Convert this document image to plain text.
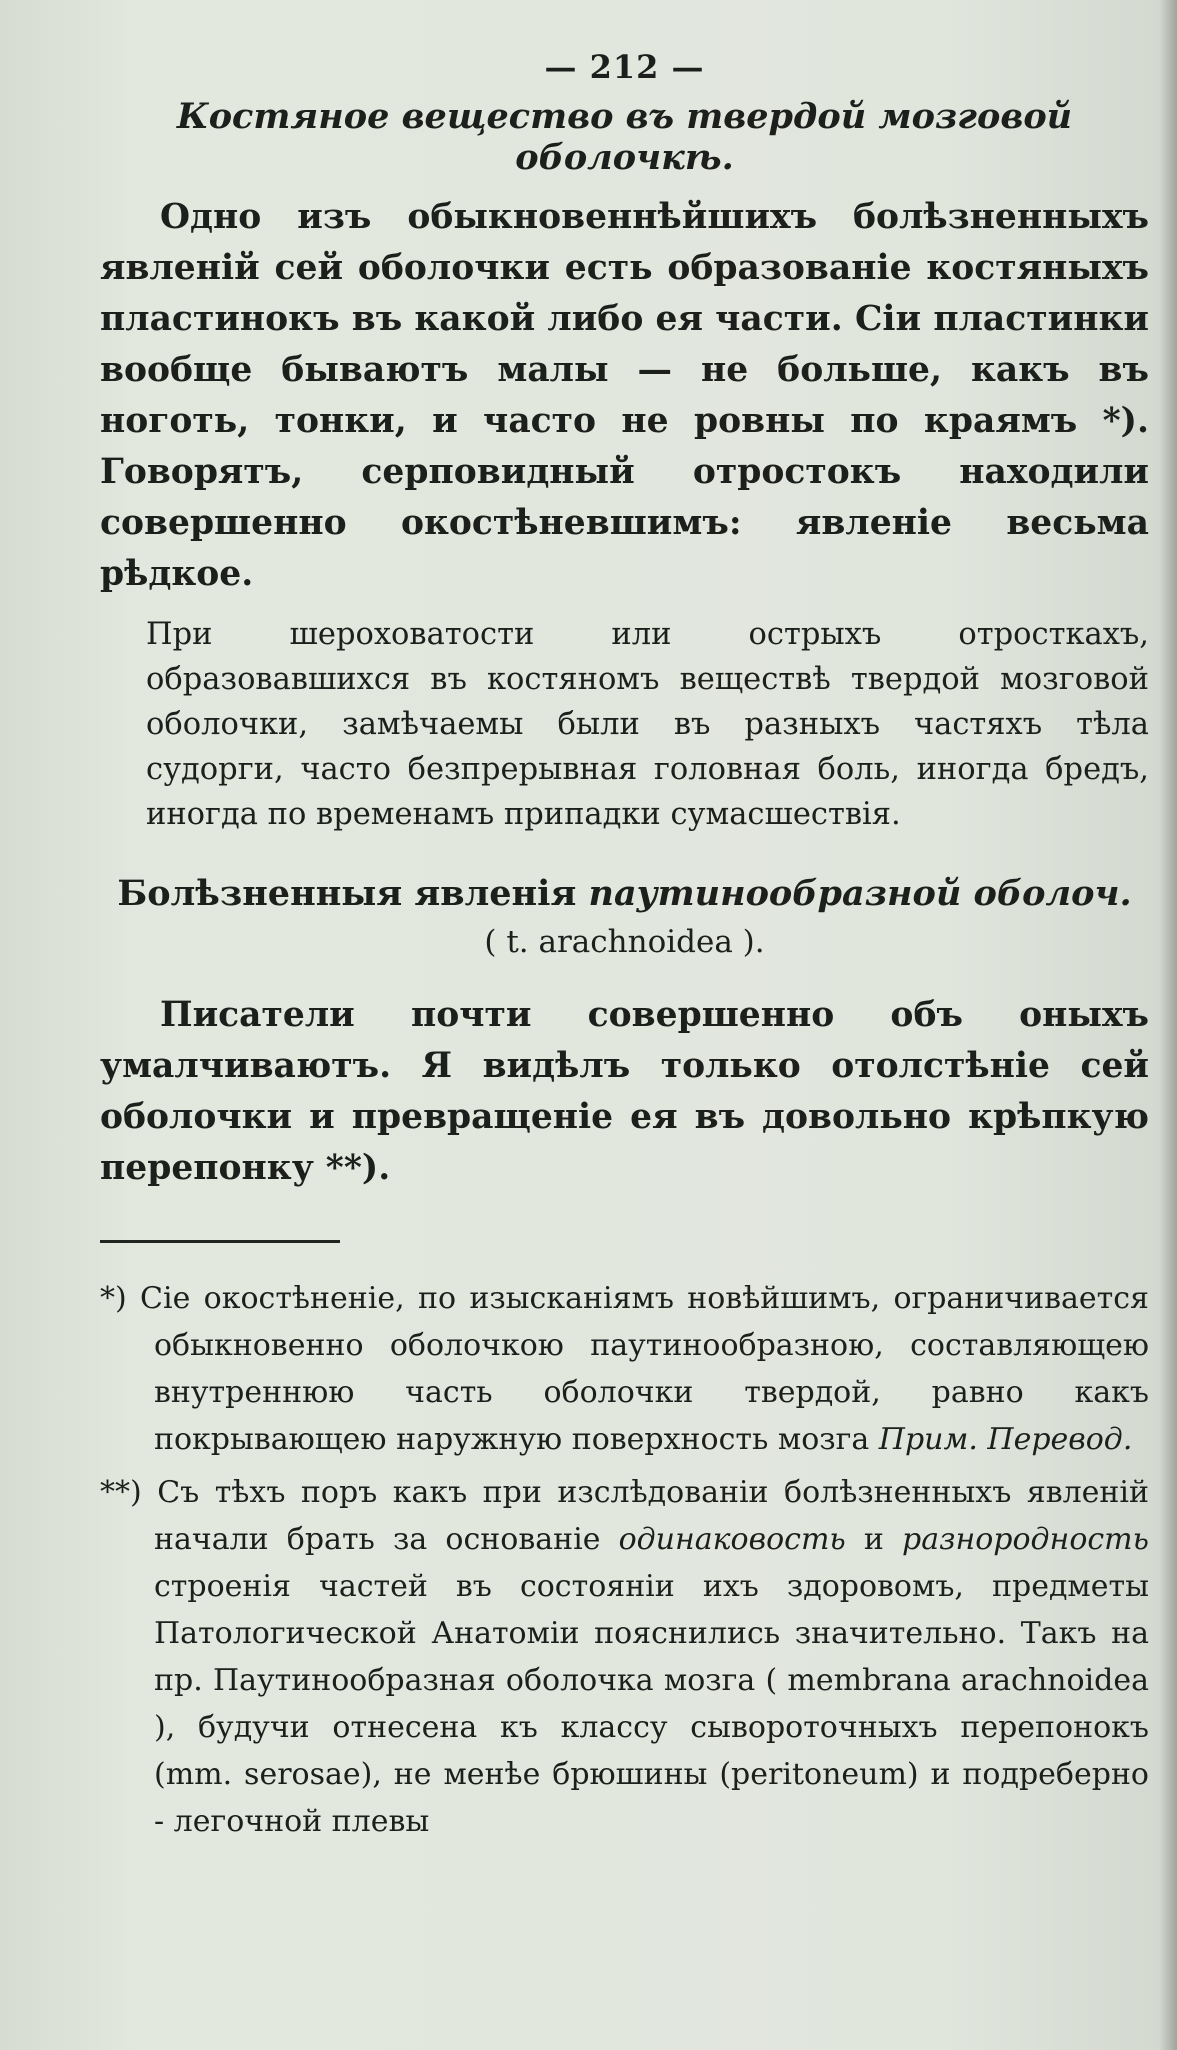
— 212 —
Костяное вещество въ твердой мозговой оболочкѣ.

Одно изъ обыкновеннѣйшихъ болѣзненныхъ явленiй сей оболочки есть образованiе костяныхъ пластинокъ въ какой либо ея части. Сiи пластинки вообще бываютъ малы — не больше, какъ въ ноготь, тонки, и часто не ровны по краямъ *). Говорятъ, серповидный отростокъ находили совершенно окостѣневшимъ: явленiе весьма рѣдкое.

При шероховатости или острыхъ отросткахъ, образовавшихся въ костяномъ веществѣ твердой мозговой оболочки, замѣчаемы были въ разныхъ частяхъ тѣла судорги, часто безпрерывная головная боль, иногда бредъ, иногда по временамъ припадки сумасшествiя.

Болѣзненныя явленiя паутинообразной оболоч.
( t. arachnoidea ).

Писатели почти совершенно объ оныхъ умалчиваютъ. Я видѣлъ только отолстѣнiе сей оболочки и превращенiе ея въ довольно крѣпкую перепонку **).

*) Сiе окостѣненiе, по изысканiямъ новѣйшимъ, ограничивается обыкновенно оболочкою паутинообразною, составляющею внутреннюю часть оболочки твердой, равно какъ покрывающею наружную поверхность мозга Прим. Перевод.

**) Съ тѣхъ поръ какъ при изслѣдованiи болѣзненныхъ явленiй начали брать за основанiе одинаковость и разнородность строенiя частей въ состоянiи ихъ здоровомъ, предметы Патологической Анатомiи пояснились значительно. Такъ на пр. Паутинообразная оболочка мозга ( membrana arachnoidea ), будучи отнесена къ классу сывороточныхъ перепонокъ (mm. serosae), не менѣе брюшины (peritoneum) и подреберно - легочной плевы
